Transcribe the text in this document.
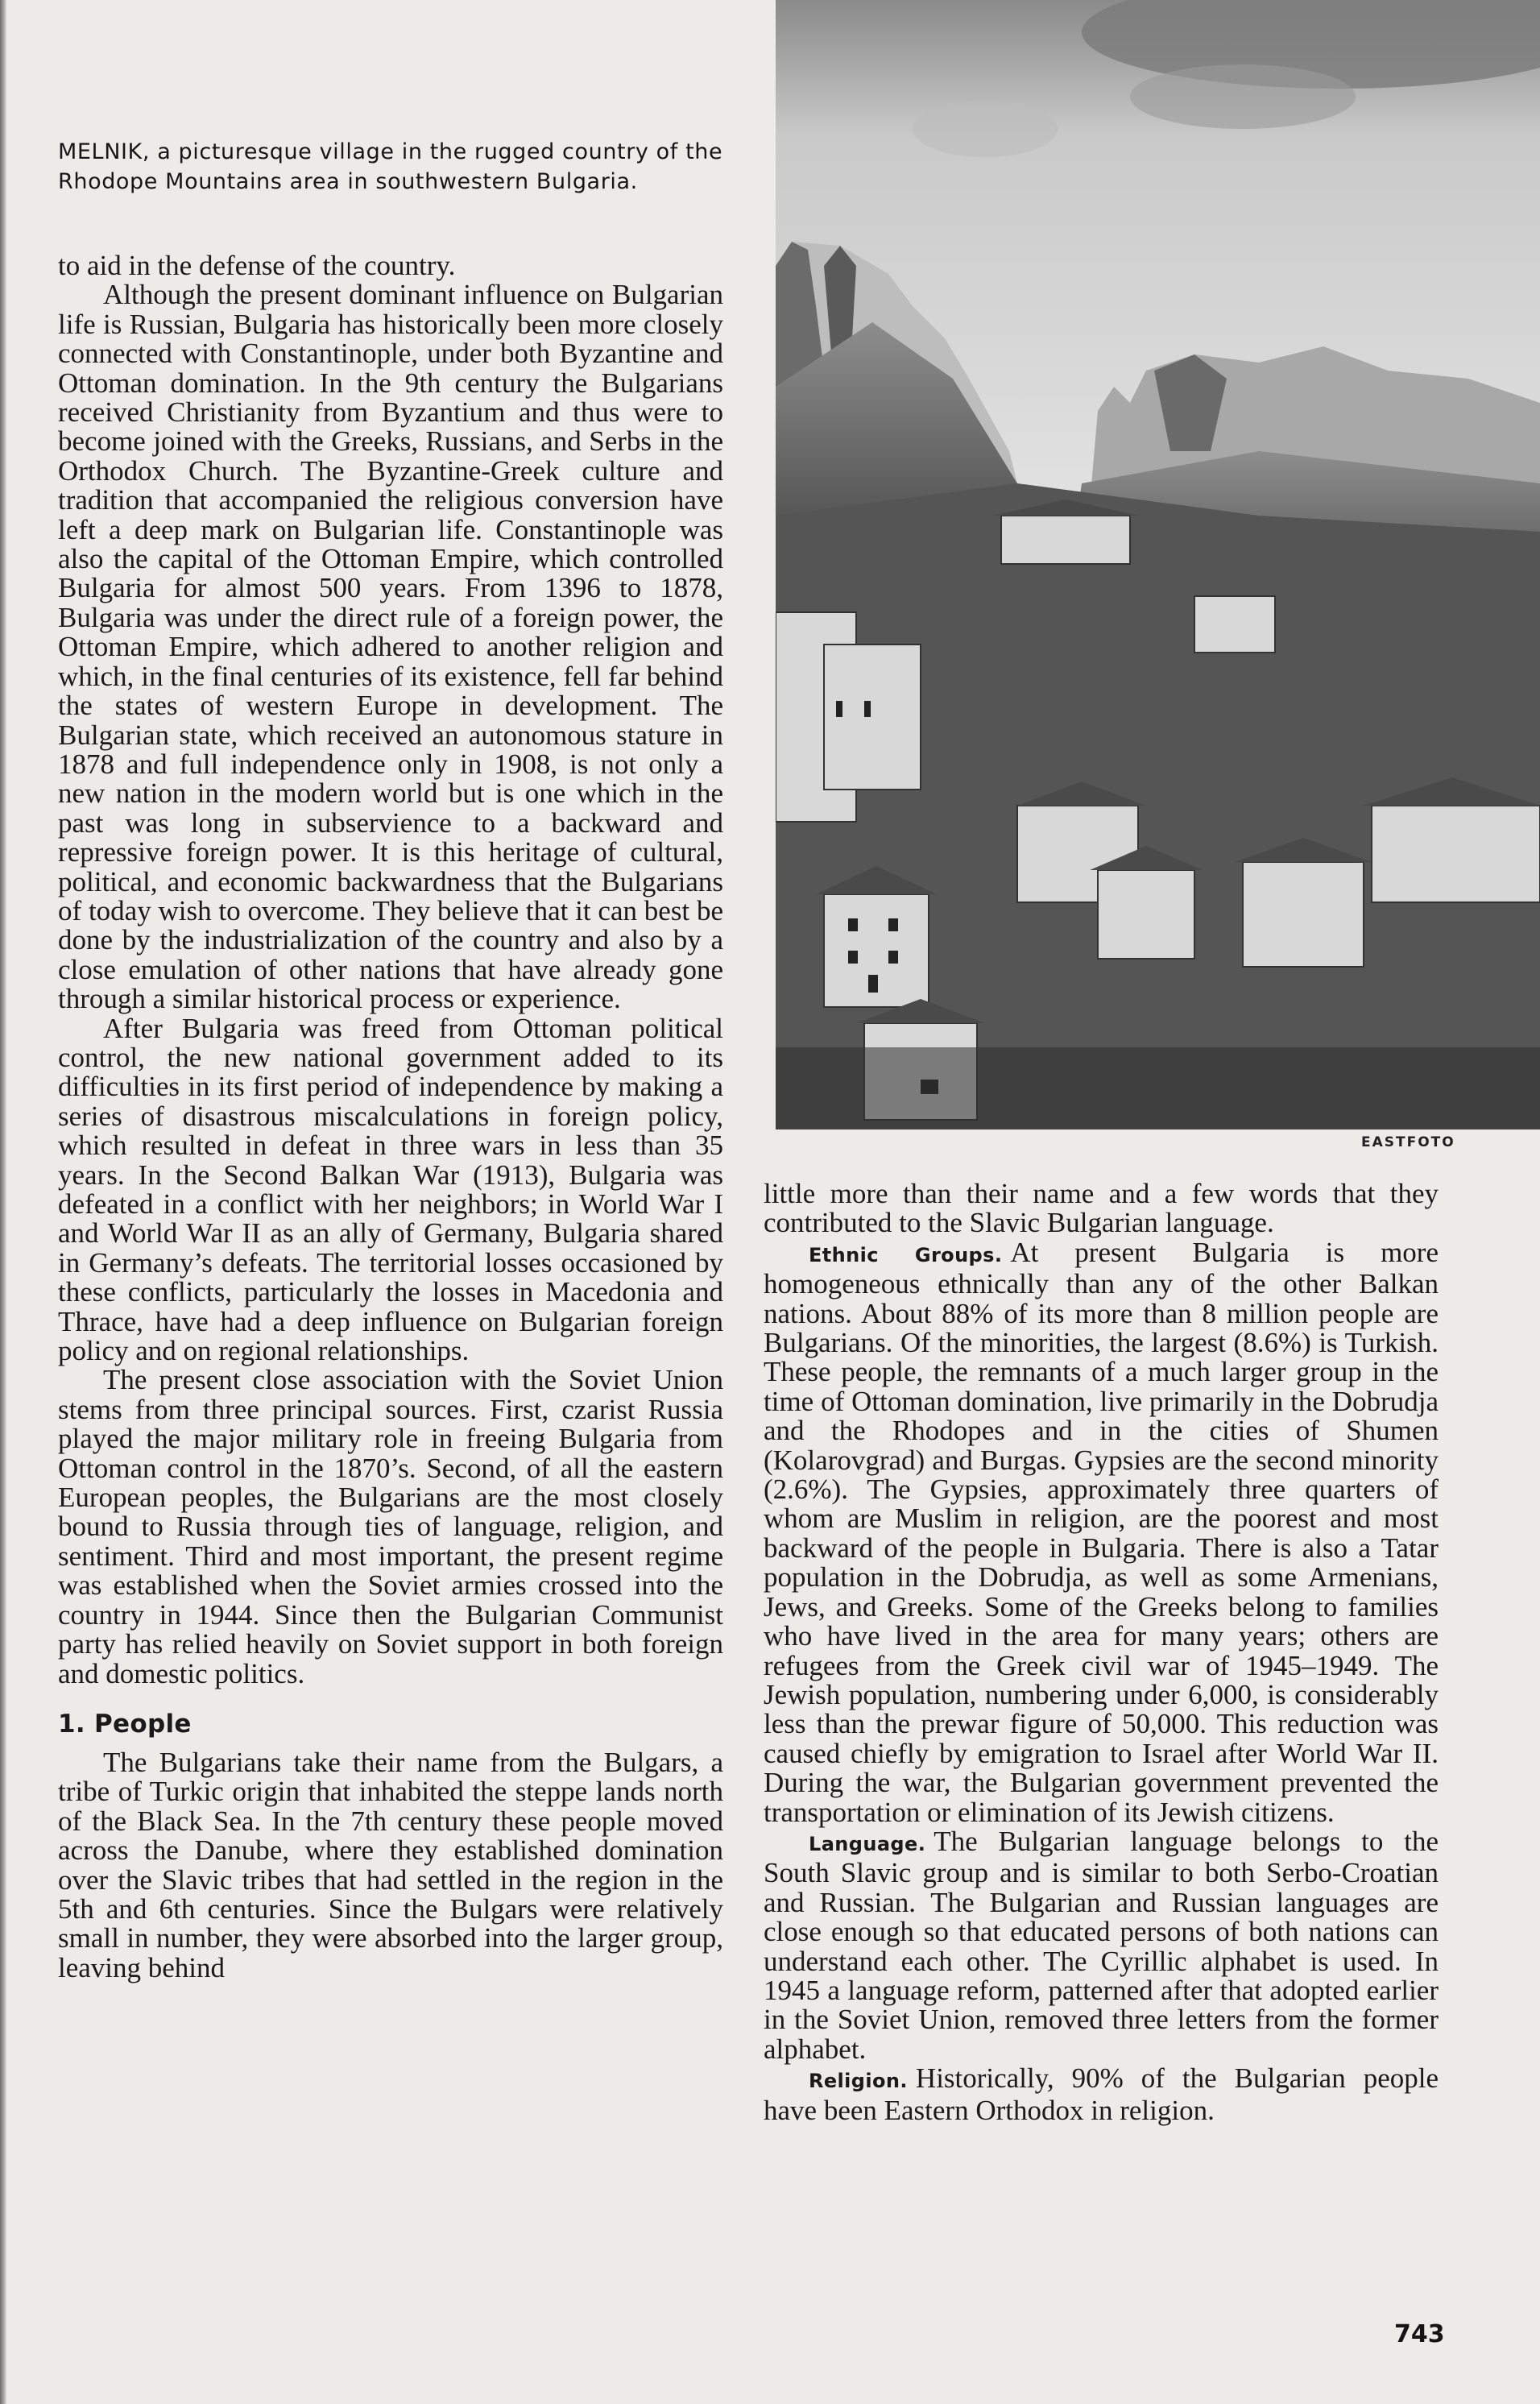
MELNIK, a picturesque village in the rugged country of the Rhodope Mountains area in southwestern Bulgaria.

to aid in the defense of the country.

Although the present dominant influence on Bulgarian life is Russian, Bulgaria has historically been more closely connected with Constantinople, under both Byzantine and Ottoman domination. In the 9th century the Bulgarians received Christianity from Byzantium and thus were to become joined with the Greeks, Russians, and Serbs in the Orthodox Church. The Byzantine-Greek culture and tradition that accompanied the religious conversion have left a deep mark on Bulgarian life. Constantinople was also the capital of the Ottoman Empire, which controlled Bulgaria for almost 500 years. From 1396 to 1878, Bulgaria was under the direct rule of a foreign power, the Ottoman Empire, which adhered to another religion and which, in the final centuries of its existence, fell far behind the states of western Europe in development. The Bulgarian state, which received an autonomous stature in 1878 and full independence only in 1908, is not only a new nation in the modern world but is one which in the past was long in subservience to a backward and repressive foreign power. It is this heritage of cultural, political, and economic backwardness that the Bulgarians of today wish to overcome. They believe that it can best be done by the industrialization of the country and also by a close emulation of other nations that have already gone through a similar historical process or experience.

After Bulgaria was freed from Ottoman political control, the new national government added to its difficulties in its first period of independence by making a series of disastrous miscalculations in foreign policy, which resulted in defeat in three wars in less than 35 years. In the Second Balkan War (1913), Bulgaria was defeated in a conflict with her neighbors; in World War I and World War II as an ally of Germany, Bulgaria shared in Germany’s defeats. The territorial losses occasioned by these conflicts, particularly the losses in Macedonia and Thrace, have had a deep influence on Bulgarian foreign policy and on regional relationships.

The present close association with the Soviet Union stems from three principal sources. First, czarist Russia played the major military role in freeing Bulgaria from Ottoman control in the 1870’s. Second, of all the eastern European peoples, the Bulgarians are the most closely bound to Russia through ties of language, religion, and sentiment. Third and most important, the present regime was established when the Soviet armies crossed into the country in 1944. Since then the Bulgarian Communist party has relied heavily on Soviet support in both foreign and domestic politics.

1. People

The Bulgarians take their name from the Bulgars, a tribe of Turkic origin that inhabited the steppe lands north of the Black Sea. In the 7th century these people moved across the Danube, where they established domination over the Slavic tribes that had settled in the region in the 5th and 6th centuries. Since the Bulgars were relatively small in number, they were absorbed into the larger group, leaving behind

EASTFOTO

little more than their name and a few words that they contributed to the Slavic Bulgarian language.

Ethnic Groups. At present Bulgaria is more homogeneous ethnically than any of the other Balkan nations. About 88% of its more than 8 million people are Bulgarians. Of the minorities, the largest (8.6%) is Turkish. These people, the remnants of a much larger group in the time of Ottoman domination, live primarily in the Dobrudja and the Rhodopes and in the cities of Shumen (Kolarovgrad) and Burgas. Gypsies are the second minority (2.6%). The Gypsies, approximately three quarters of whom are Muslim in religion, are the poorest and most backward of the people in Bulgaria. There is also a Tatar population in the Dobrudja, as well as some Armenians, Jews, and Greeks. Some of the Greeks belong to families who have lived in the area for many years; others are refugees from the Greek civil war of 1945–1949. The Jewish population, numbering under 6,000, is considerably less than the prewar figure of 50,000. This reduction was caused chiefly by emigration to Israel after World War II. During the war, the Bulgarian government prevented the transportation or elimination of its Jewish citizens.

Language. The Bulgarian language belongs to the South Slavic group and is similar to both Serbo-Croatian and Russian. The Bulgarian and Russian languages are close enough so that educated persons of both nations can understand each other. The Cyrillic alphabet is used. In 1945 a language reform, patterned after that adopted earlier in the Soviet Union, removed three letters from the former alphabet.

Religion. Historically, 90% of the Bulgarian people have been Eastern Orthodox in religion.

743
